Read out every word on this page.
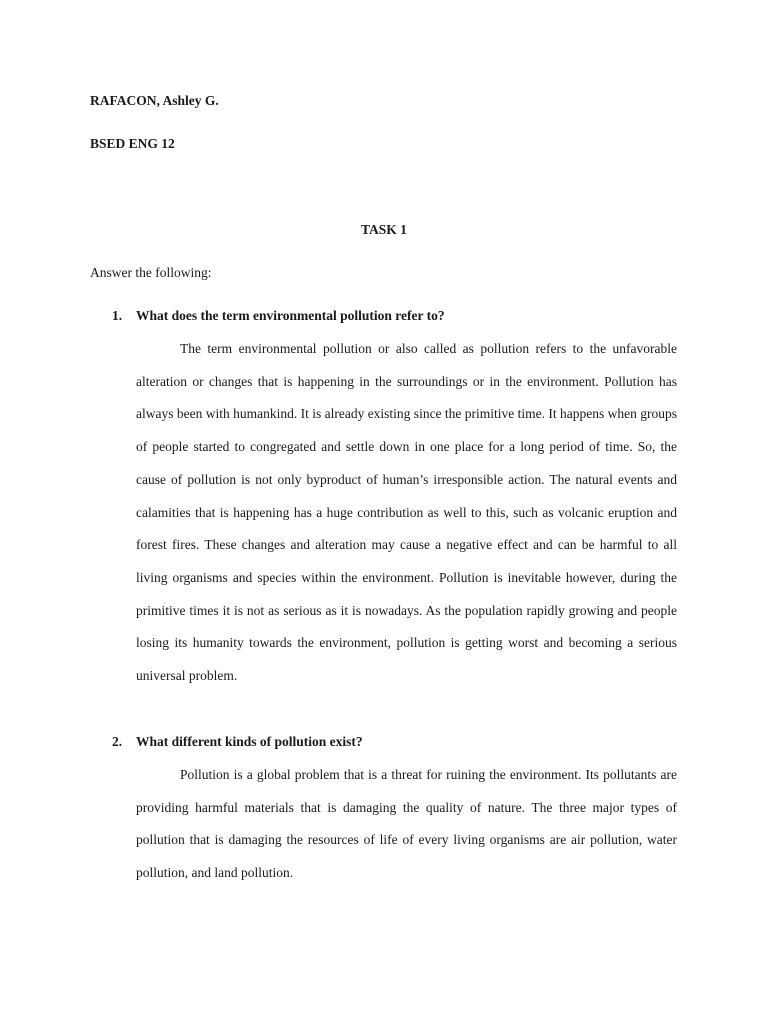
RAFACON, Ashley G.
BSED ENG 12
TASK 1
Answer the following:
1. What does the term environmental pollution refer to?

The term environmental pollution or also called as pollution refers to the unfavorable alteration or changes that is happening in the surroundings or in the environment. Pollution has always been with humankind. It is already existing since the primitive time. It happens when groups of people started to congregated and settle down in one place for a long period of time. So, the cause of pollution is not only byproduct of human’s irresponsible action. The natural events and calamities that is happening has a huge contribution as well to this, such as volcanic eruption and forest fires. These changes and alteration may cause a negative effect and can be harmful to all living organisms and species within the environment. Pollution is inevitable however, during the primitive times it is not as serious as it is nowadays. As the population rapidly growing and people losing its humanity towards the environment, pollution is getting worst and becoming a serious universal problem.

2. What different kinds of pollution exist?

Pollution is a global problem that is a threat for ruining the environment. Its pollutants are providing harmful materials that is damaging the quality of nature. The three major types of pollution that is damaging the resources of life of every living organisms are air pollution, water pollution, and land pollution.
